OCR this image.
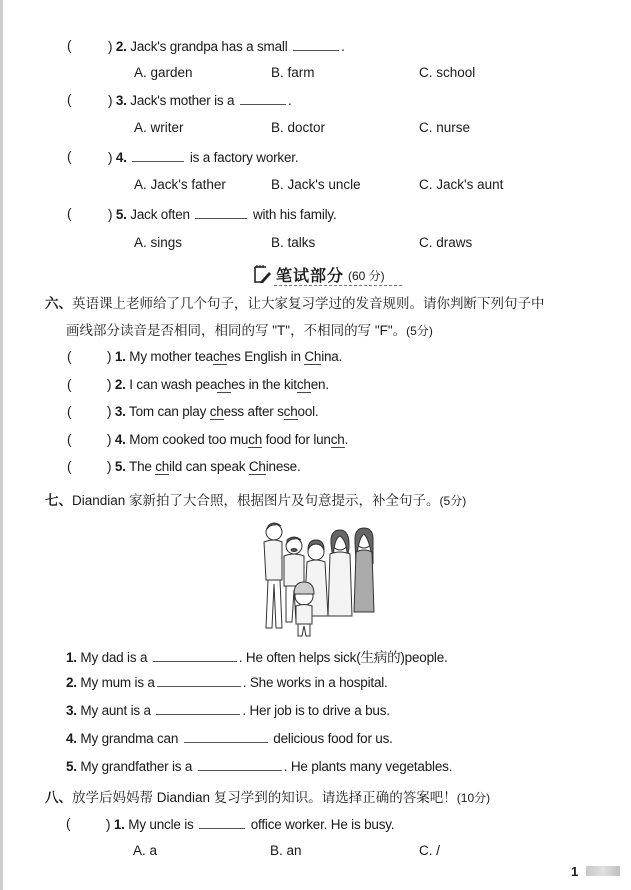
(	) 2. Jack's grandpa has a small	.
A. garden	B. farm	C. school
(	) 3. Jack's mother is a	.
A. writer	B. doctor	C. nurse
(	) 4.	is a factory worker.
A. Jack's father	B. Jack's uncle	C. Jack's aunt
(	) 5. Jack often	with his family.
A. sings	B. talks	C. draws
笔试部分 (60 分)
六、英语课上老师给了几个句子，让大家复习学过的发音规则。请你判断下列句子中
画线部分读音是否相同，相同的写 "T"，不相同的写 "F"。(5分)
(	) 1. My mother teaches English in China.
(	) 2. I can wash peaches in the kitchen.
(	) 3. Tom can play chess after school.
(	) 4. Mom cooked too much food for lunch.
(	) 5. The child can speak Chinese.
七、Diandian 家新拍了大合照，根据图片及句意提示，补全句子。(5分)
1. My dad is a	. He often helps sick(生病的)people.
2. My mum is a	. She works in a hospital.
3. My aunt is a	. Her job is to drive a bus.
4. My grandma can	delicious food for us.
5. My grandfather is a	. He plants many vegetables.
八、放学后妈妈帮 Diandian 复习学到的知识。请选择正确的答案吧！(10分)
(	) 1. My uncle is	office worker. He is busy.
A. a	B. an	C. /
1
